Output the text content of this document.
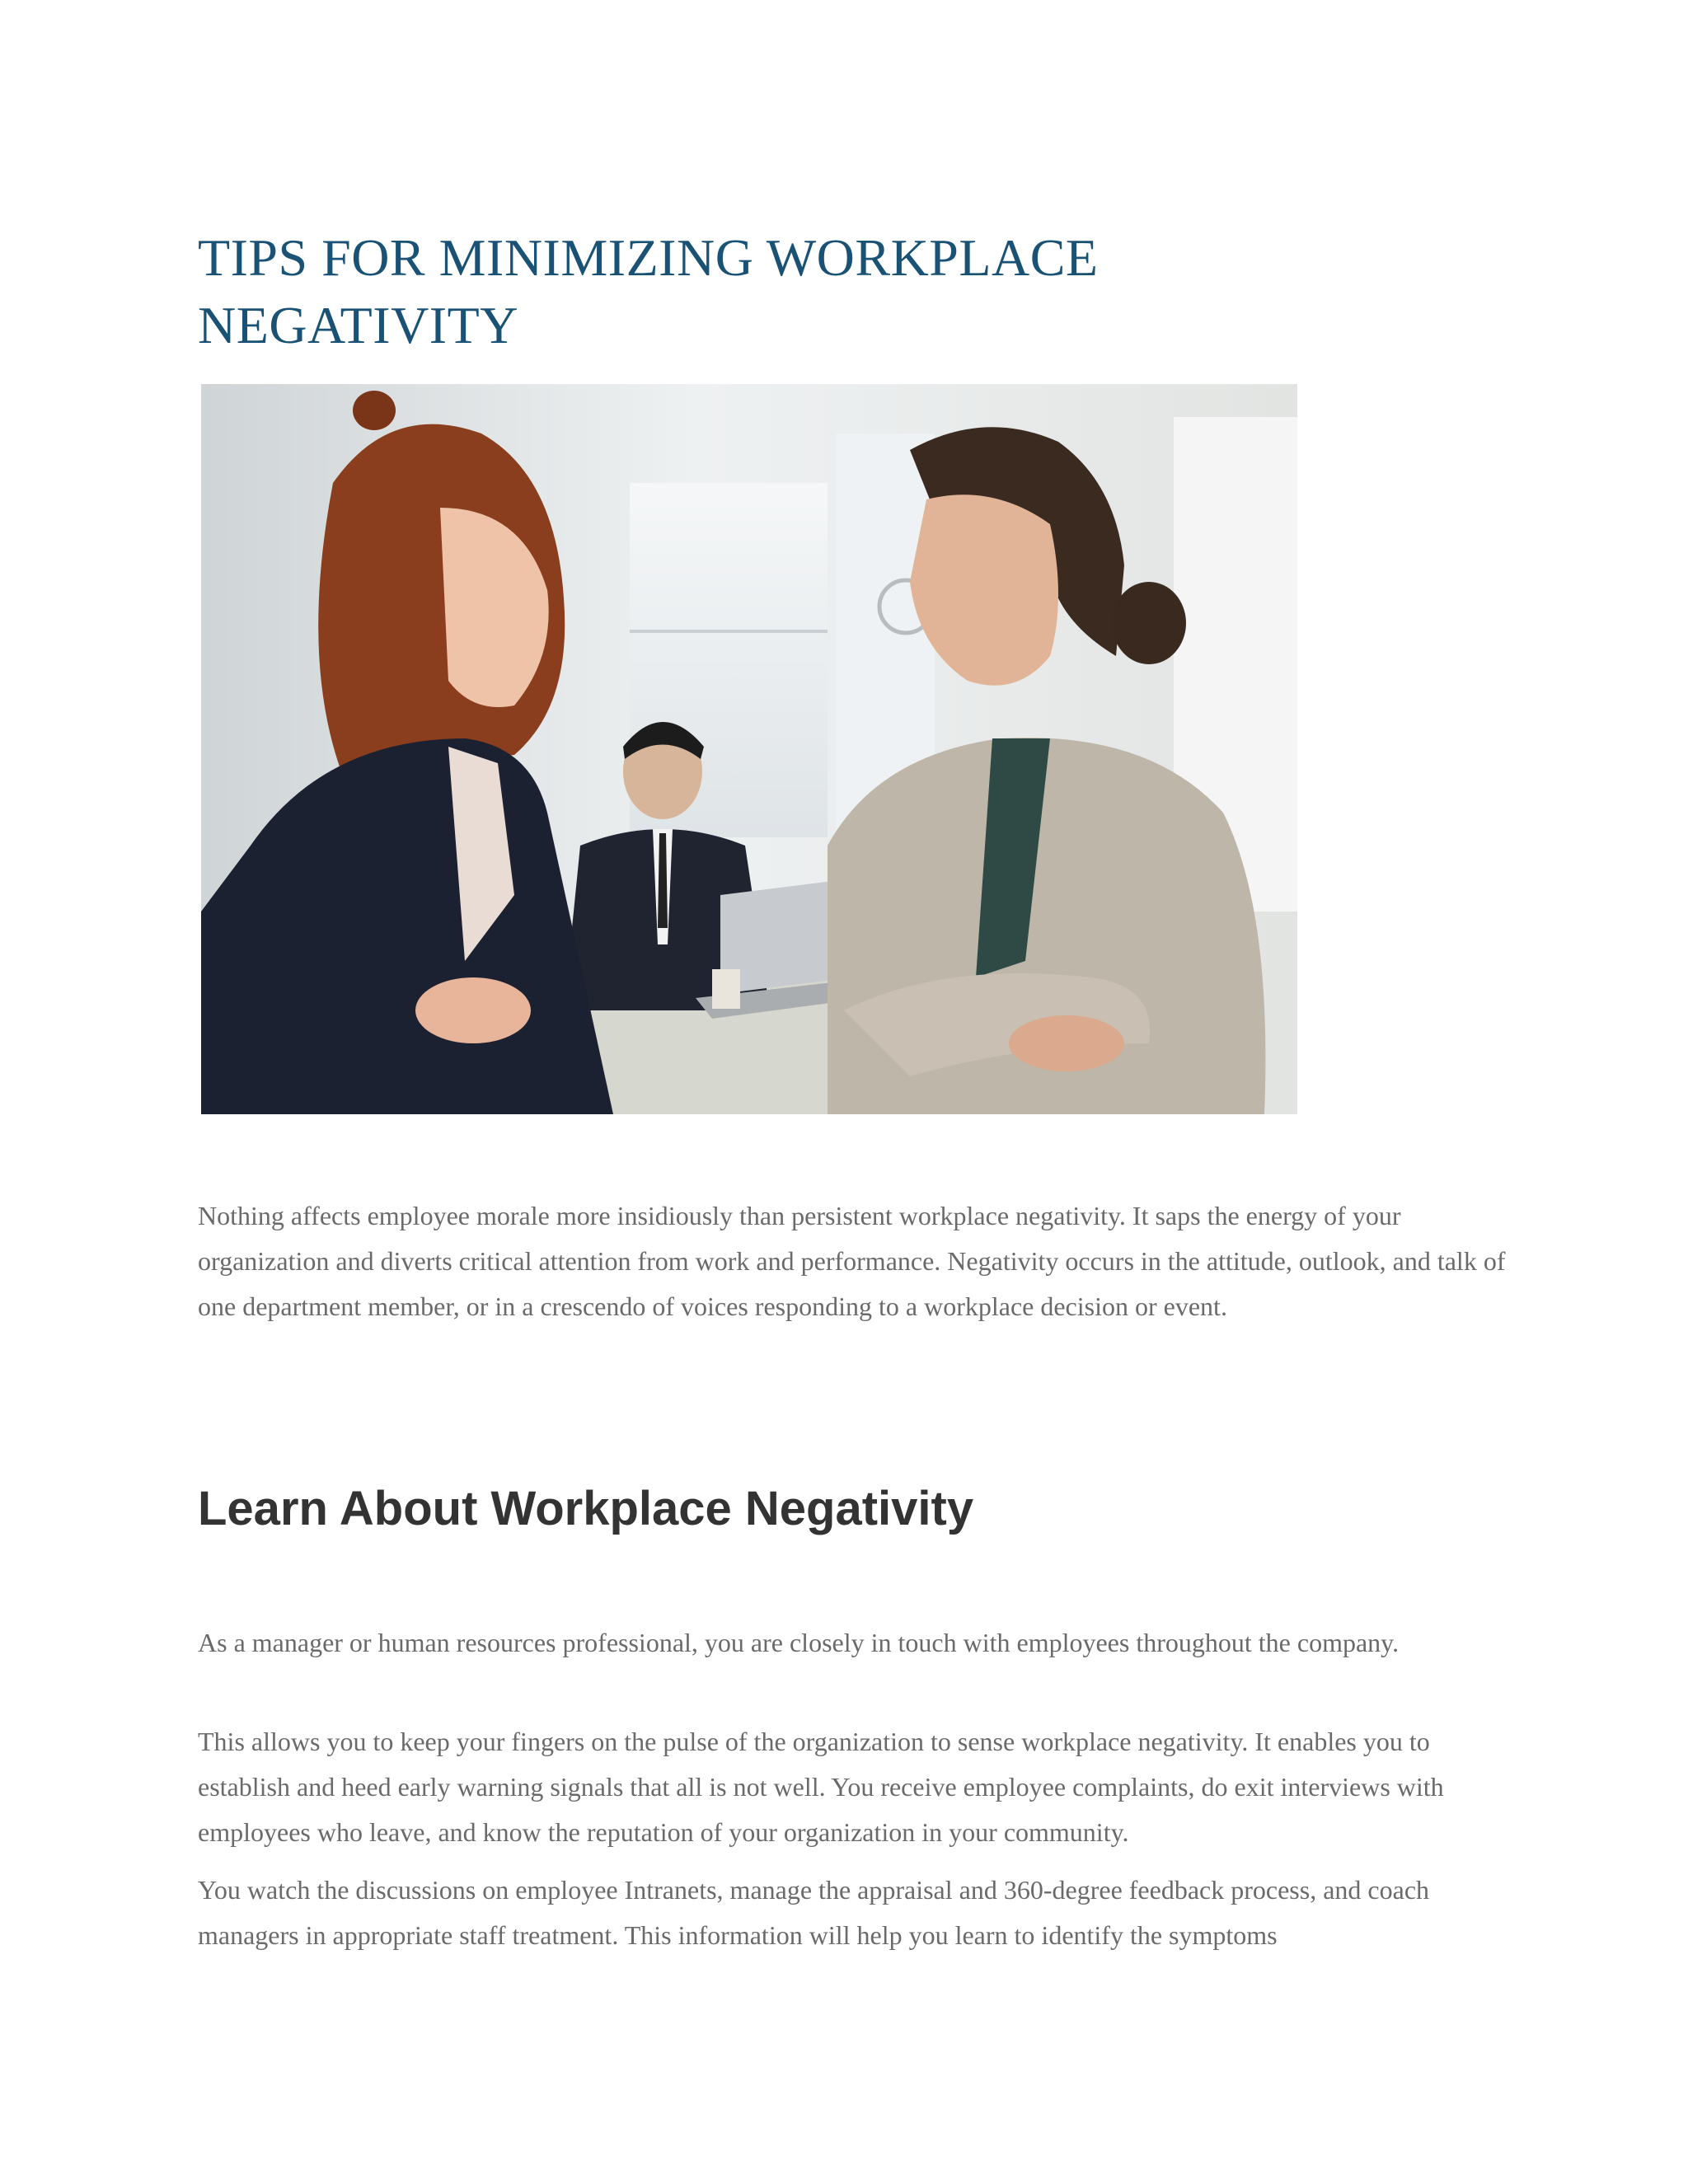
TIPS FOR MINIMIZING WORKPLACE NEGATIVITY

Nothing affects employee morale more insidiously than persistent workplace negativity. It saps the energy of your organization and diverts critical attention from work and performance. Negativity occurs in the attitude, outlook, and talk of one department member, or in a crescendo of voices responding to a workplace decision or event.

Learn About Workplace Negativity

As a manager or human resources professional, you are closely in touch with employees throughout the company.

This allows you to keep your fingers on the pulse of the organization to sense workplace negativity. It enables you to establish and heed early warning signals that all is not well. You receive employee complaints, do exit interviews with employees who leave, and know the reputation of your organization in your community.

You watch the discussions on employee Intranets, manage the appraisal and 360-degree feedback process, and coach managers in appropriate staff treatment. This information will help you learn to identify the symptoms
